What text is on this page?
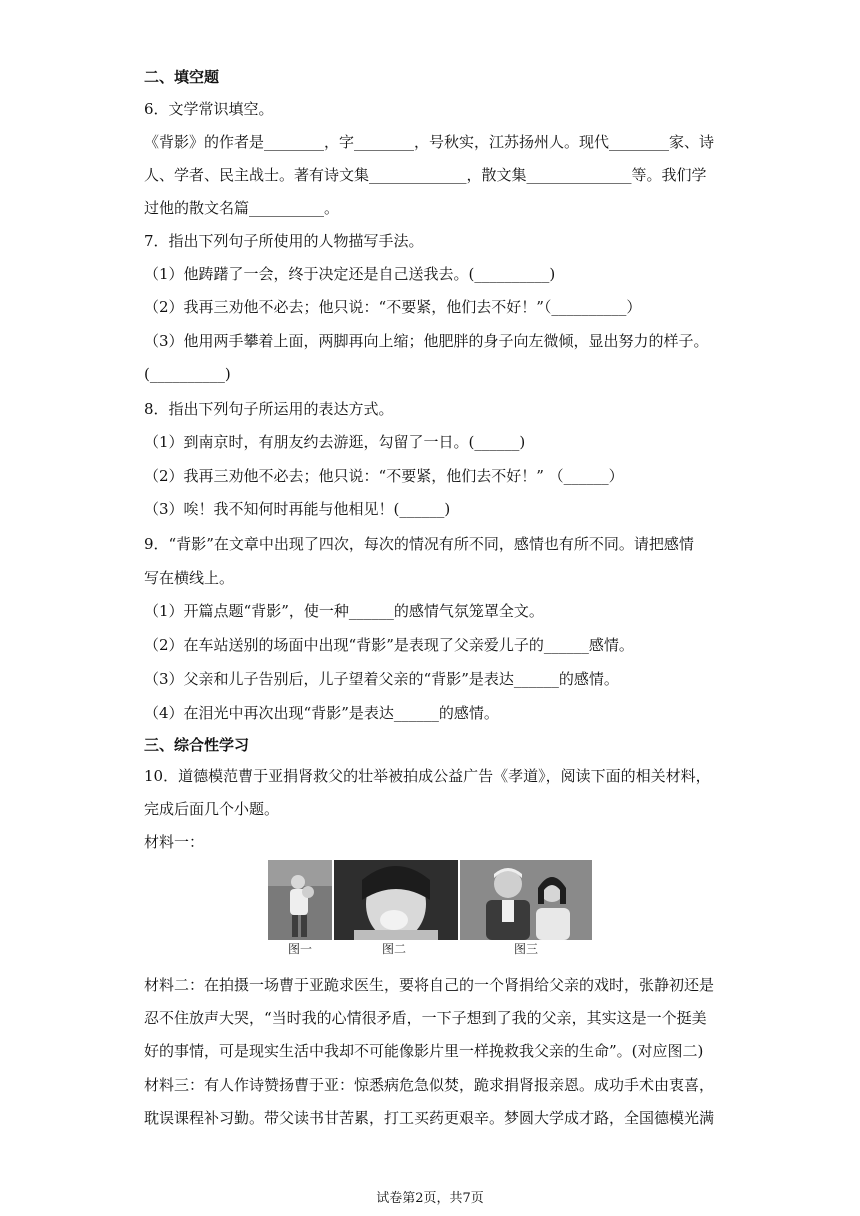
二、填空题
6．文学常识填空。
《背影》的作者是________，字________，号秋实，江苏扬州人。现代________家、诗
人、学者、民主战士。著有诗文集_____________，散文集______________等。我们学
过他的散文名篇__________。
7．指出下列句子所使用的人物描写手法。
（1）他踌躇了一会，终于决定还是自己送我去。(__________)
（2）我再三劝他不必去；他只说：“不要紧，他们去不好！”（__________）
（3）他用两手攀着上面，两脚再向上缩；他肥胖的身子向左微倾，显出努力的样子。
(__________)
8．指出下列句子所运用的表达方式。
（1）到南京时，有朋友约去游逛，勾留了一日。(______)
（2）我再三劝他不必去；他只说：“不要紧，他们去不好！” （______）
（3）唉！我不知何时再能与他相见！(______)
9．“背影”在文章中出现了四次，每次的情况有所不同，感情也有所不同。请把感情
写在横线上。
（1）开篇点题“背影”，使一种______的感情气氛笼罩全文。
（2）在车站送别的场面中出现“背影”是表现了父亲爱儿子的______感情。
（3）父亲和儿子告别后，儿子望着父亲的“背影”是表达______的感情。
（4）在泪光中再次出现“背影”是表达______的感情。
三、综合性学习
10．道德模范曹于亚捐肾救父的壮举被拍成公益广告《孝道》，阅读下面的相关材料，
完成后面几个小题。
材料一：
图一	图二	图三
材料二：在拍摄一场曹于亚跪求医生，要将自己的一个肾捐给父亲的戏时，张静初还是
忍不住放声大哭，“当时我的心情很矛盾，一下子想到了我的父亲，其实这是一个挺美
好的事情，可是现实生活中我却不可能像影片里一样挽救我父亲的生命”。(对应图二)
材料三：有人作诗赞扬曹于亚：惊悉病危急似焚，跪求捐肾报亲恩。成功手术由衷喜，
耽误课程补习勤。带父读书甘苦累，打工买药更艰辛。梦圆大学成才路，全国德模光满
试卷第2页，共7页
